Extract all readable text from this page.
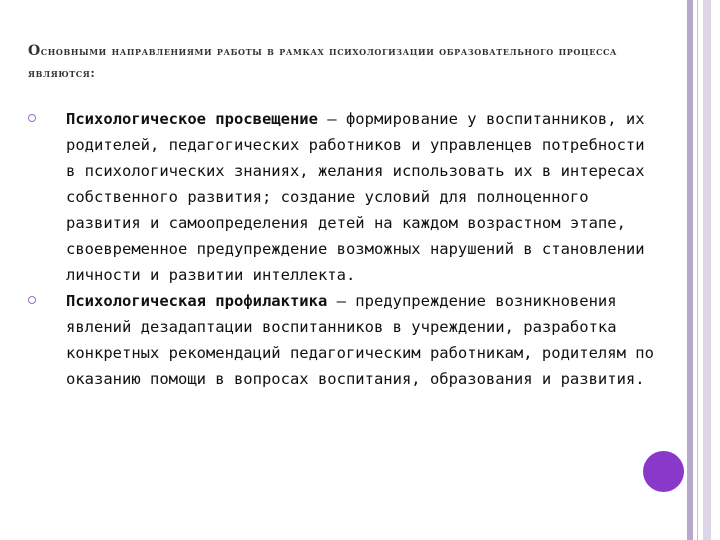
Основными направлениями работы в рамках психологизации образовательного процесса являются:
Психологическое просвещение – формирование у воспитанников, их родителей, педагогических работников и управленцев потребности в психологических знаниях, желания использовать их в интересах собственного развития; создание условий для полноценного развития и самоопределения детей на каждом возрастном этапе, своевременное предупреждение возможных нарушений в становлении личности и развитии интеллекта.
Психологическая профилактика – предупреждение возникновения явлений дезадаптации воспитанников в учреждении, разработка конкретных рекомендаций педагогическим работникам, родителям по оказанию помощи в вопросах воспитания, образования и развития.
